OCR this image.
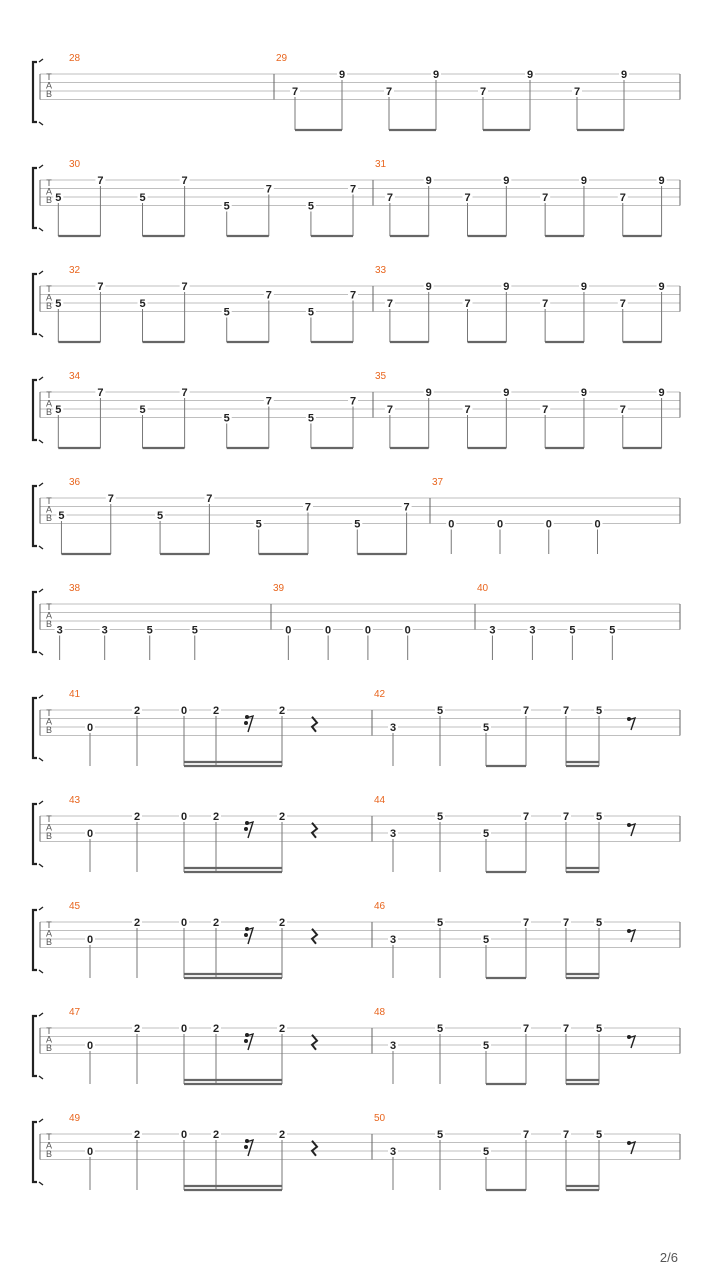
T
A
B
28	29
7
9
7
9
7
9
7
9
T
A
B
30
5
7
5
7
5
7
5
7
31
7
9
7
9
7
9
7
9
T
A
B
32
5
7
5
7
5
7
5
7
33
7
9
7
9
7
9
7
9
T
A
B
34
5
7
5
7
5
7
5
7
35
7
9
7
9
7
9
7
9
T
A
B
36
5
7
5
7
5
7
5
7
37
0	0	0	0
T
A
B
38
3	3	5	5
39
0	0	0	0
40
3	3	5	5
T
A
B
41
0
2	0 2	2
42
3
5
5
7	7 5
T
A
B
43
0
2	0 2	2
44
3
5
5
7	7 5
T
A
B
45
0
2	0 2	2
46
3
5
5
7	7 5
T
A
B
47
0
2	0 2	2
48
3
5
5
7	7 5
T
A
B
49
0
2	0 2	2
50
3
5
5
7	7 5
2/6
